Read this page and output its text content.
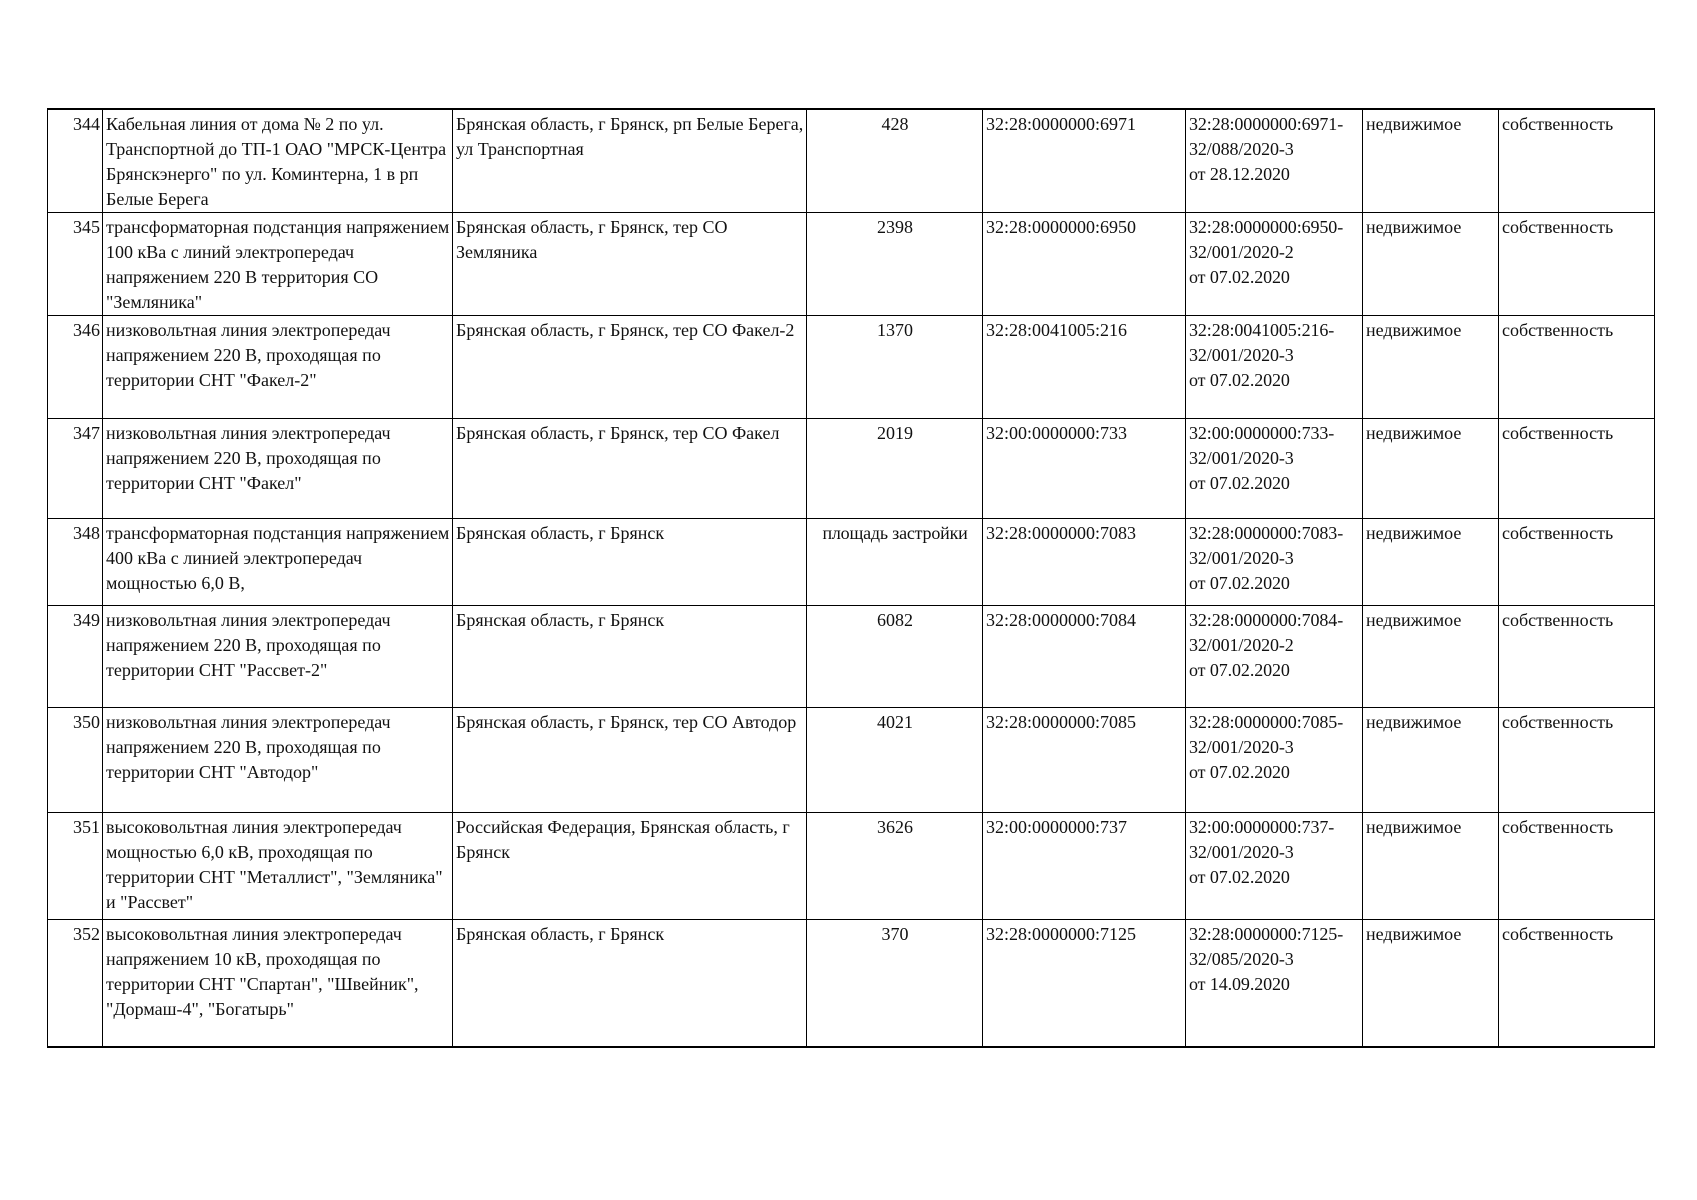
344	Кабельная линия от дома № 2 по ул. Транспортной до ТП-1 ОАО "МРСК-Центра Брянскэнерго" по ул. Коминтерна, 1 в рп Белые Берега	Брянская область, г Брянск, рп Белые Берега, ул Транспортная	428	32:28:0000000:6971	32:28:0000000:6971-
32/088/2020-3
от 28.12.2020	недвижимое	собственность
345	трансформаторная подстанция напряжением 100 кВа с линий электропередач напряжением 220 В территория СО "Земляника"	Брянская область, г Брянск, тер СО Земляника	2398	32:28:0000000:6950	32:28:0000000:6950-
32/001/2020-2
от 07.02.2020	недвижимое	собственность
346	низковольтная линия электропередач напряжением 220 В, проходящая по территории СНТ "Факел-2"	Брянская область, г Брянск, тер СО Факел-2	1370	32:28:0041005:216	32:28:0041005:216-
32/001/2020-3
от 07.02.2020	недвижимое	собственность
347	низковольтная линия электропередач напряжением 220 В, проходящая по территории СНТ "Факел"	Брянская область, г Брянск, тер СО Факел	2019	32:00:0000000:733	32:00:0000000:733-
32/001/2020-3
от 07.02.2020	недвижимое	собственность
348	трансформаторная подстанция напряжением 400 кВа с линией электропередач мощностью 6,0 В,	Брянская область, г Брянск	площадь застройки	32:28:0000000:7083	32:28:0000000:7083-
32/001/2020-3
от 07.02.2020	недвижимое	собственность
349	низковольтная линия электропередач напряжением 220 В, проходящая по территории СНТ "Рассвет-2"	Брянская область, г Брянск	6082	32:28:0000000:7084	32:28:0000000:7084-
32/001/2020-2
от 07.02.2020	недвижимое	собственность
350	низковольтная линия электропередач напряжением 220 В, проходящая по территории СНТ "Автодор"	Брянская область, г Брянск, тер СО Автодор	4021	32:28:0000000:7085	32:28:0000000:7085-
32/001/2020-3
от 07.02.2020	недвижимое	собственность
351	высоковольтная линия электропередач мощностью 6,0 кВ, проходящая по территории СНТ "Металлист", "Земляника" и "Рассвет"	Российская Федерация, Брянская область, г Брянск	3626	32:00:0000000:737	32:00:0000000:737-
32/001/2020-3
от 07.02.2020	недвижимое	собственность
352	высоковольтная линия электропередач напряжением 10 кВ, проходящая по территории СНТ "Спартан", "Швейник", "Дормаш-4", "Богатырь"	Брянская область, г Брянск	370	32:28:0000000:7125	32:28:0000000:7125-
32/085/2020-3
от 14.09.2020	недвижимое	собственность
